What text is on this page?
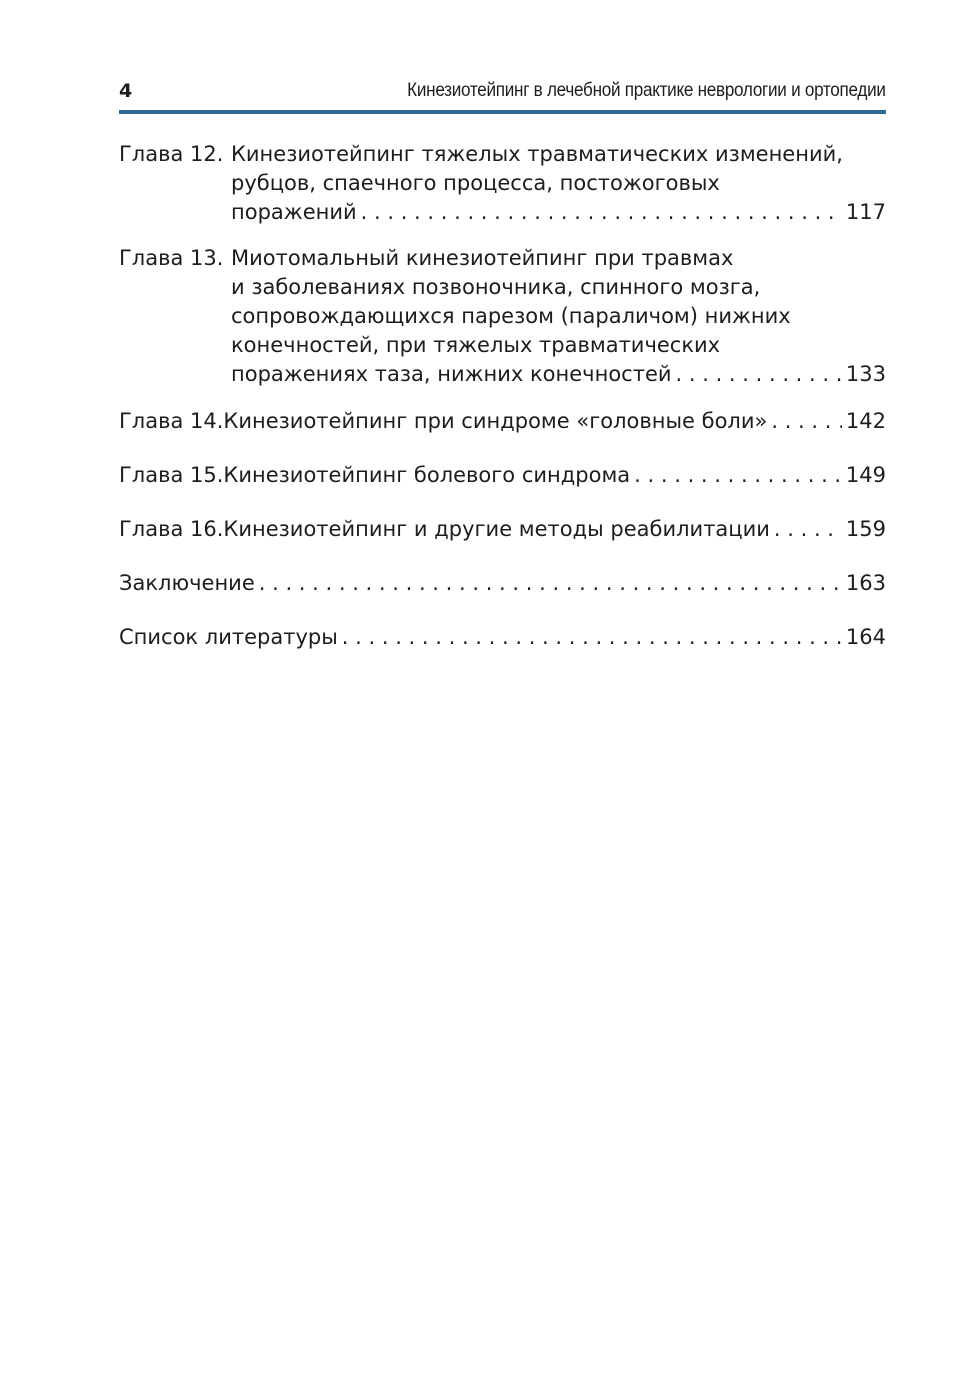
4	Кинезиотейпинг в лечебной практике неврологии и ортопедии
Глава 12. Кинезиотейпинг тяжелых травматических изменений,
рубцов, спаечного процесса, постожоговых
поражений . . .	117
Глава 13. Миотомальный кинезиотейпинг при травмах
и заболеваниях позвоночника, спинного мозга,
сопровождающихся парезом (параличом) нижних
конечностей, при тяжелых травматических
поражениях таза, нижних конечностей . . .	133
Глава 14. Кинезиотейпинг при синдроме «головные боли» . . .	142
Глава 15. Кинезиотейпинг болевого синдрома . . .	149
Глава 16. Кинезиотейпинг и другие методы реабилитации . . .	159
Заключение . . .	163
Список литературы . . .	164
